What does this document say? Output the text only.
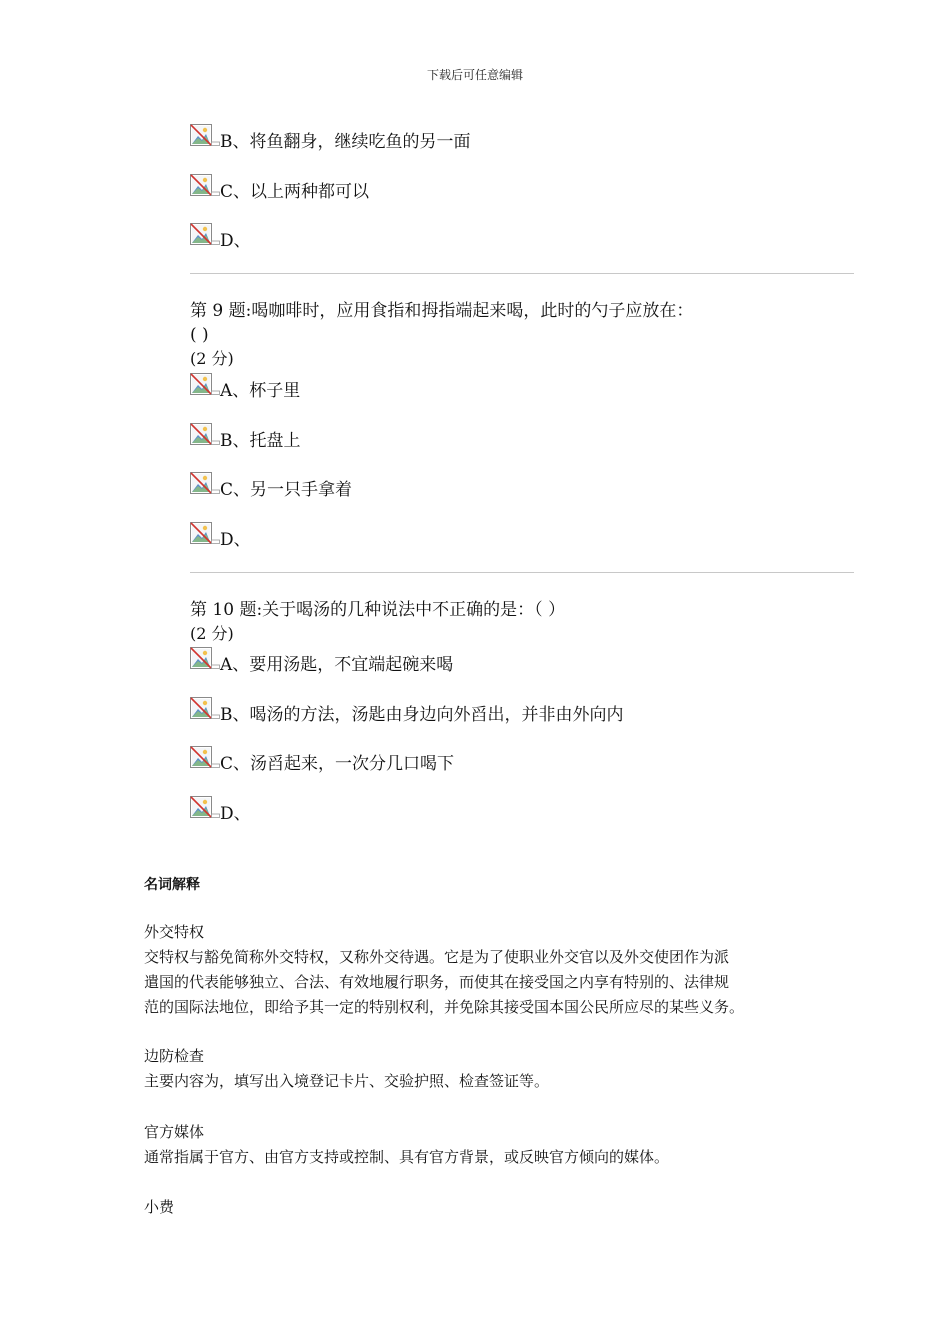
下载后可任意编辑
B、将鱼翻身，继续吃鱼的另一面
C、以上两种都可以
D、
第 9 题:喝咖啡时，应用食指和拇指端起来喝，此时的勺子应放在：
( )
(2 分)
A、杯子里
B、托盘上
C、另一只手拿着
D、
第 10 题:关于喝汤的几种说法中不正确的是：（ ）
(2 分)
A、要用汤匙，不宜端起碗来喝
B、喝汤的方法，汤匙由身边向外舀出，并非由外向内
C、汤舀起来，一次分几口喝下
D、
名词解释
外交特权
交特权与豁免简称外交特权，又称外交待遇。它是为了使职业外交官以及外交使团作为派
遣国的代表能够独立、合法、有效地履行职务，而使其在接受国之内享有特别的、法律规
范的国际法地位，即给予其一定的特别权利，并免除其接受国本国公民所应尽的某些义务。
边防检查
主要内容为，填写出入境登记卡片、交验护照、检查签证等。
官方媒体
通常指属于官方、由官方支持或控制、具有官方背景，或反映官方倾向的媒体。
小费
